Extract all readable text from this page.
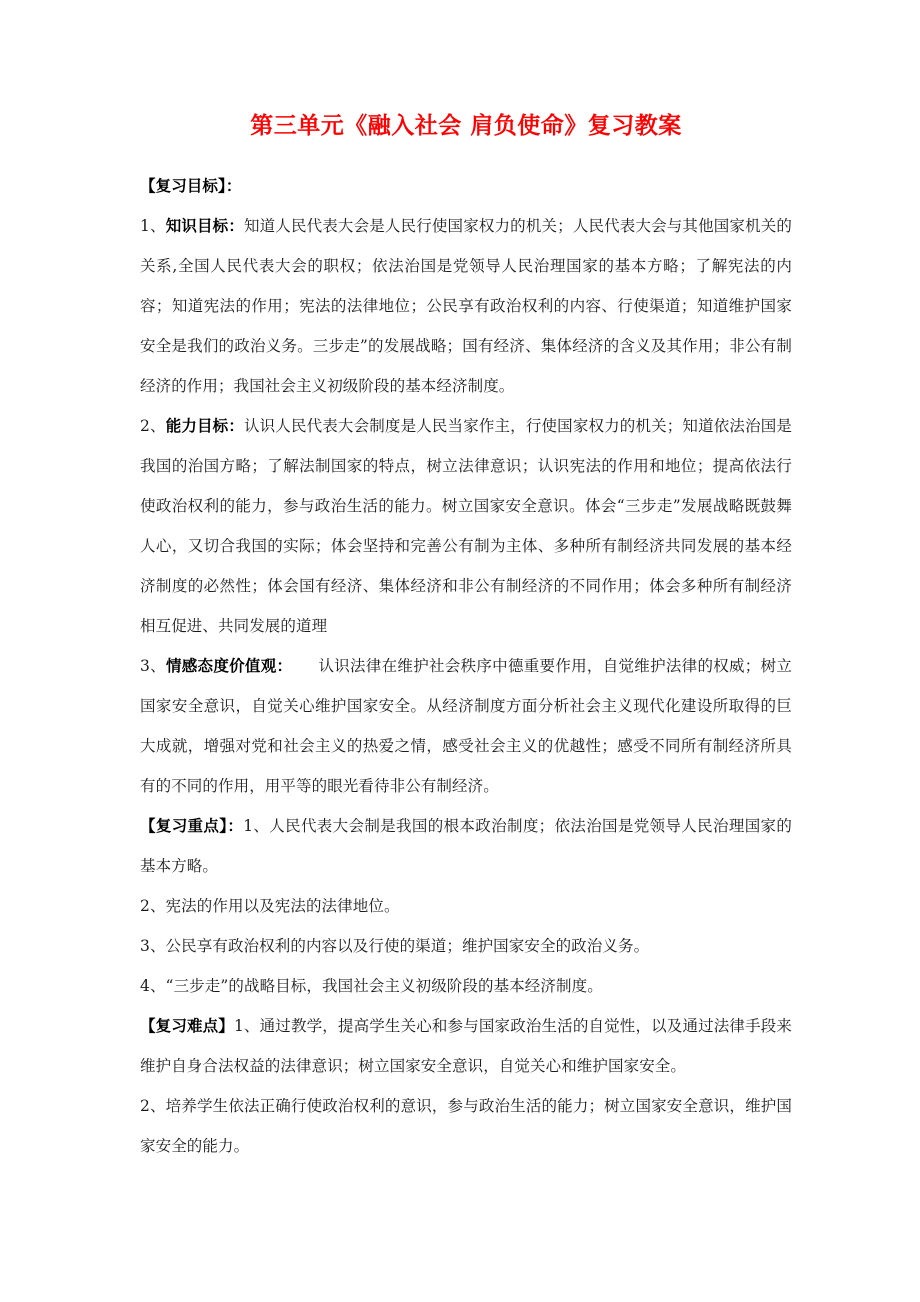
第三单元《融入社会 肩负使命》复习教案

【复习目标】：

1、知识目标：知道人民代表大会是人民行使国家权力的机关；人民代表大会与其他国家机关的关系,全国人民代表大会的职权；依法治国是党领导人民治理国家的基本方略；了解宪法的内容；知道宪法的作用；宪法的法律地位；公民享有政治权利的内容、行使渠道；知道维护国家安全是我们的政治义务。三步走”的发展战略；国有经济、集体经济的含义及其作用；非公有制经济的作用；我国社会主义初级阶段的基本经济制度。

2、能力目标：认识人民代表大会制度是人民当家作主，行使国家权力的机关；知道依法治国是我国的治国方略；了解法制国家的特点，树立法律意识；认识宪法的作用和地位；提高依法行使政治权利的能力，参与政治生活的能力。树立国家安全意识。体会“三步走”发展战略既鼓舞人心，又切合我国的实际；体会坚持和完善公有制为主体、多种所有制经济共同发展的基本经济制度的必然性；体会国有经济、集体经济和非公有制经济的不同作用；体会多种所有制经济相互促进、共同发展的道理

3、情感态度价值观： 认识法律在维护社会秩序中德重要作用，自觉维护法律的权威；树立国家安全意识，自觉关心维护国家安全。从经济制度方面分析社会主义现代化建设所取得的巨大成就，增强对党和社会主义的热爱之情，感受社会主义的优越性；感受不同所有制经济所具有的不同的作用，用平等的眼光看待非公有制经济。

【复习重点】：1、人民代表大会制是我国的根本政治制度；依法治国是党领导人民治理国家的基本方略。

2、宪法的作用以及宪法的法律地位。

3、公民享有政治权利的内容以及行使的渠道；维护国家安全的政治义务。

4、“三步走”的战略目标，我国社会主义初级阶段的基本经济制度。

【复习难点】1、通过教学，提高学生关心和参与国家政治生活的自觉性，以及通过法律手段来维护自身合法权益的法律意识；树立国家安全意识，自觉关心和维护国家安全。

2、培养学生依法正确行使政治权利的意识，参与政治生活的能力；树立国家安全意识，维护国家安全的能力。
